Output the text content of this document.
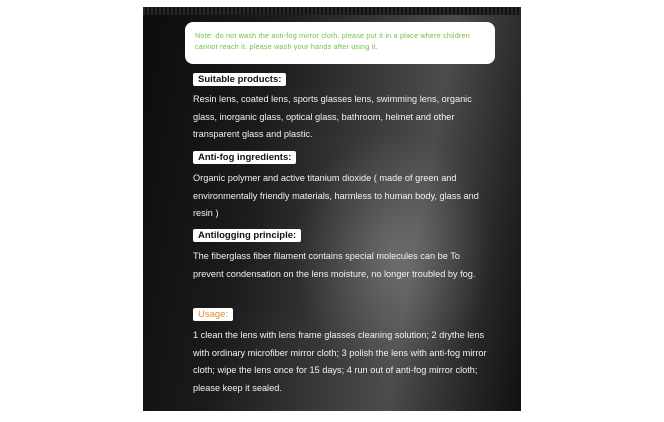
Note: do not wash the anti-fog mirror cloth. please put it in a place where children cannot reach it. please wash your hands after using it.
Suitable products:
Resin lens, coated lens, sports glasses lens, swimming lens, organic glass, inorganic glass, optical glass, bathroom, helmet and other transparent glass and plastic.
Anti-fog ingredients:
Organic polymer and active titanium dioxide ( made of green and environmentally friendly materials, harmless to human body, glass and resin )
Antilogging principle:
The fiberglass fiber filament contains special molecules can be To prevent condensation on the lens moisture, no longer troubled by fog.
Usage:
1 clean the lens with lens frame glasses cleaning solution; 2 drythe lens with ordinary microfiber mirror cloth; 3 polish the lens with anti-fog mirror cloth; wipe the lens once for 15 days; 4 run out of anti-fog mirror cloth; please keep it sealed.
